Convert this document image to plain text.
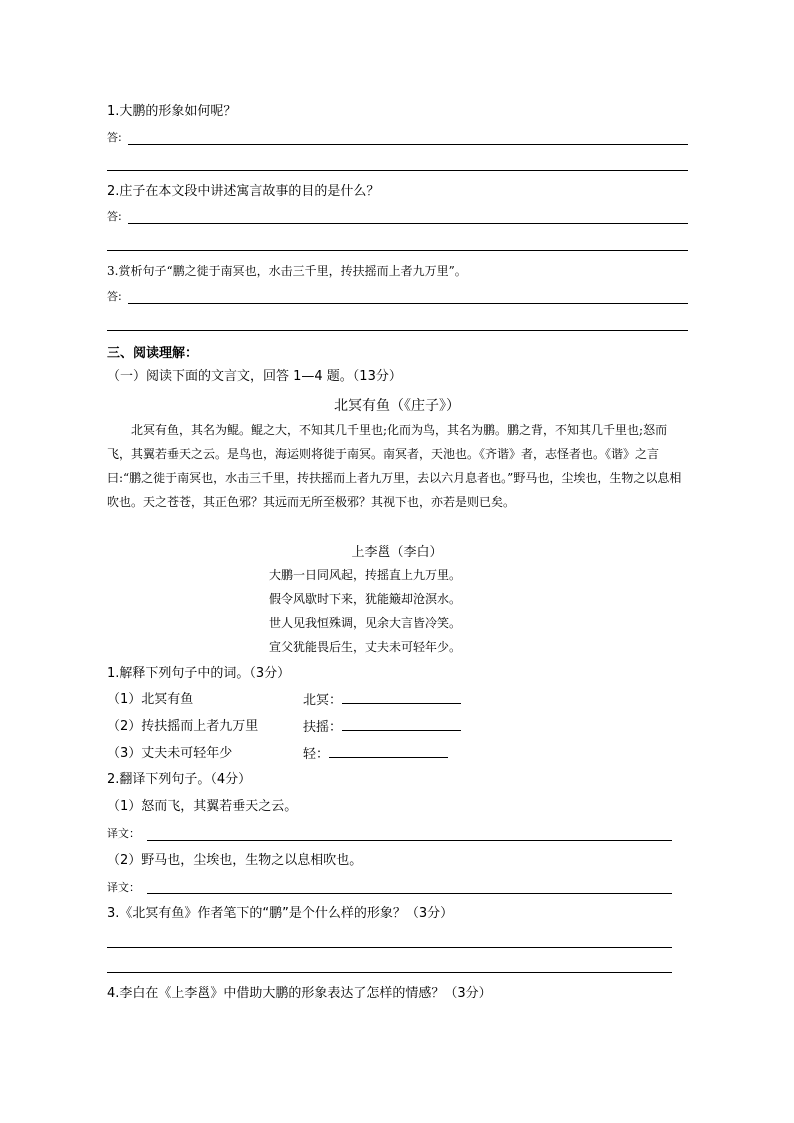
1.大鹏的形象如何呢？
答:
2.庄子在本文段中讲述寓言故事的目的是什么？
答:
3.赏析句子“鹏之徙于南冥也，水击三千里，抟扶摇而上者九万里”。
答:
三、阅读理解：
（一）阅读下面的文言文，回答 1—4 题。（13分）
北冥有鱼（《庄子》）

北冥有鱼，其名为鲲。鲲之大，不知其几千里也;化而为鸟，其名为鹏。鹏之背，不知其几千里也;怒而飞，其翼若垂天之云。是鸟也，海运则将徙于南冥。南冥者，天池也。《齐谐》者，志怪者也。《谐》之言曰:“鹏之徙于南冥也，水击三千里，抟扶摇而上者九万里，去以六月息者也。”野马也，尘埃也，生物之以息相吹也。天之苍苍，其正色邪？其远而无所至极邪？其视下也，亦若是则已矣。

上李邕（李白）
大鹏一日同风起，抟摇直上九万里。
假令风歇时下来，犹能簸却沧溟水。
世人见我恒殊调，见余大言皆冷笑。
宣父犹能畏后生，丈夫未可轻年少。
1.解释下列句子中的词。（3分）
（1）北冥有鱼	北冥：
（2）抟扶摇而上者九万里	扶摇：
（3）丈夫未可轻年少	轻：
2.翻译下列句子。（4分）
（1）怒而飞，其翼若垂天之云。
译文：
（2）野马也，尘埃也，生物之以息相吹也。
译文：
3.《北冥有鱼》作者笔下的“鹏”是个什么样的形象？（3分）
4.李白在《上李邕》中借助大鹏的形象表达了怎样的情感？（3分）
